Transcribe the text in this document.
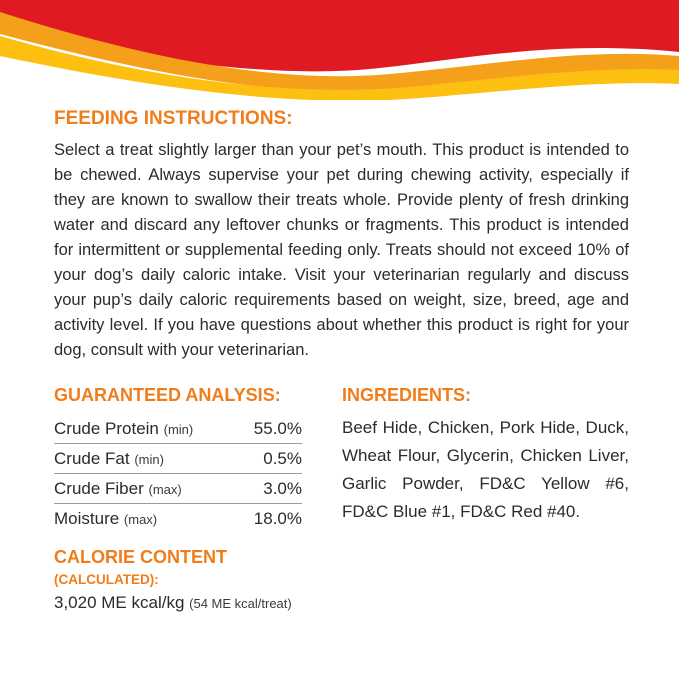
FEEDING INSTRUCTIONS:

Select a treat slightly larger than your pet’s mouth. This product is intended to be chewed. Always supervise your pet during chewing activity, especially if they are known to swallow their treats whole. Provide plenty of fresh drinking water and discard any leftover chunks or fragments. This product is intended for intermittent or supplemental feeding only. Treats should not exceed 10% of your dog’s daily caloric intake. Visit your veterinarian regularly and discuss your pup’s daily caloric requirements based on weight, size, breed, age and activity level. If you have questions about whether this product is right for your dog, consult with your veterinarian.

GUARANTEED ANALYSIS:
Crude Protein (min)	55.0%
Crude Fat (min)	0.5%
Crude Fiber (max)	3.0%
Moisture (max)	18.0%
CALORIE CONTENT (CALCULATED):
3,020 ME kcal/kg (54 ME kcal/treat)
INGREDIENTS:

Beef Hide, Chicken, Pork Hide, Duck, Wheat Flour, Glycerin, Chicken Liver, Garlic Powder, FD&C Yellow #6, FD&C Blue #1, FD&C Red #40.
